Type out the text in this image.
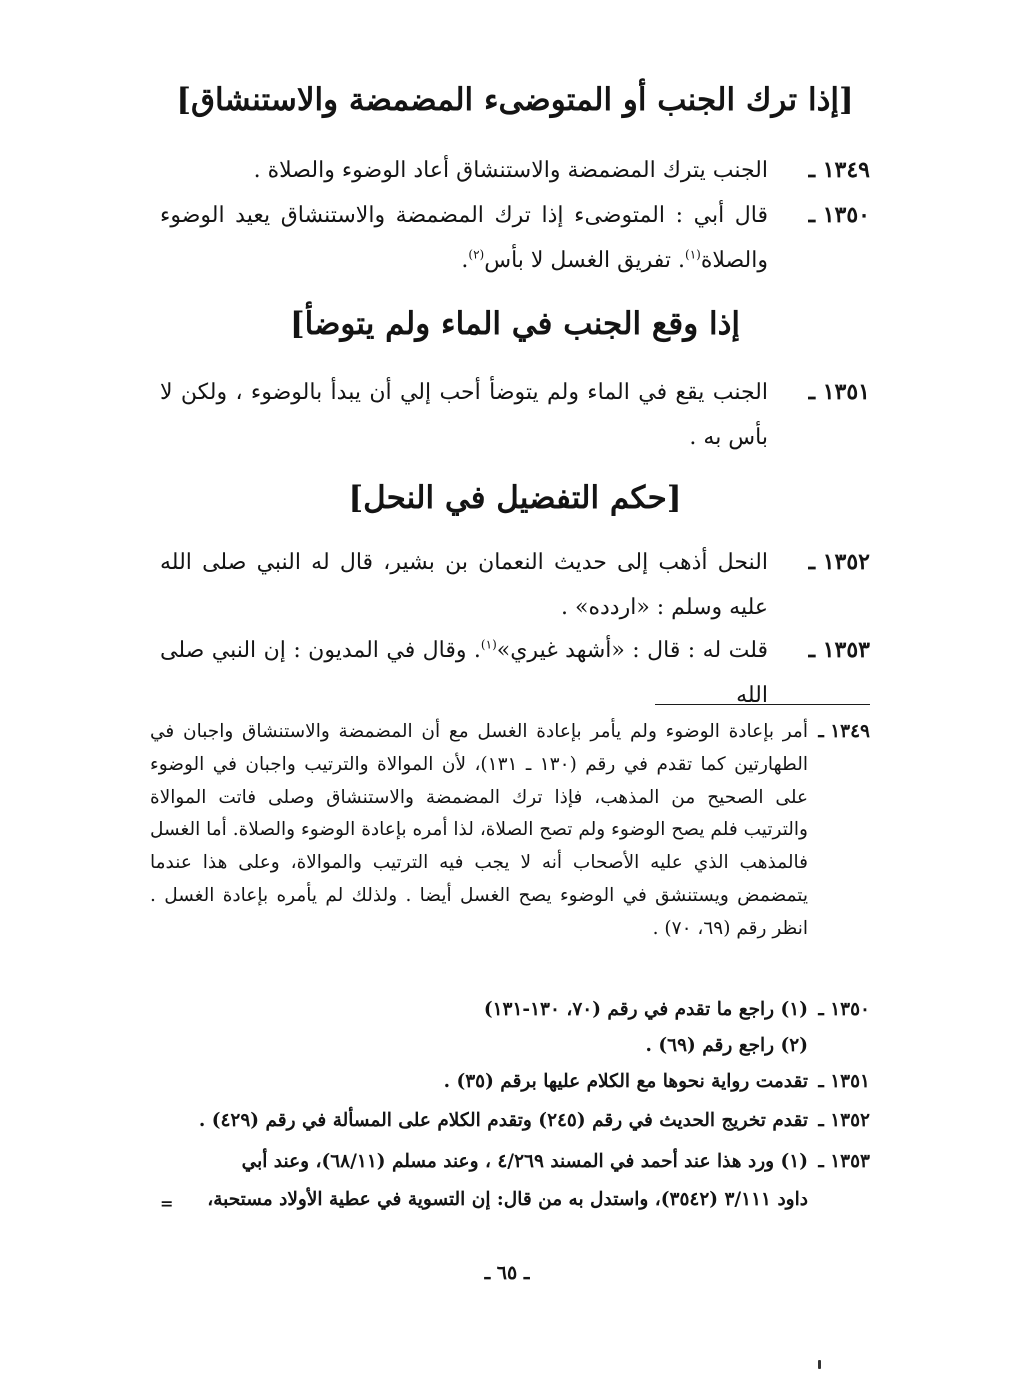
[إذا ترك الجنب أو المتوضىء المضمضة والاستنشاق]
١٣٤٩ ـ
الجنب يترك المضمضة والاستنشاق أعاد الوضوء والصلاة .
١٣٥٠ ـ
قال أبي : المتوضىء إذا ترك المضمضة والاستنشاق يعيد الوضوء والصلاة$^{(١)}$. تفريق الغسل لا بأس$^{(٢)}$.
إذا وقع الجنب في الماء ولم يتوضأ]
١٣٥١ ـ
الجنب يقع في الماء ولم يتوضأ أحب إلي أن يبدأ بالوضوء ، ولكن لا بأس به .
[حكم التفضيل في النحل]
١٣٥٢ ـ
النحل أذهب إلى حديث النعمان بن بشير، قال له النبي صلى الله عليه وسلم : «اردده» .
١٣٥٣ ـ
قلت له : قال : «أشهد غيري»$^{(١)}$. وقال في المديون : إن النبي صلى الله
١٣٤٩ ـ
أمر بإعادة الوضوء ولم يأمر بإعادة الغسل مع أن المضمضة والاستنشاق واجبان في الطهارتين كما تقدم في رقم (١٣٠ ـ ١٣١)، لأن الموالاة والترتيب واجبان في الوضوء على الصحيح من المذهب، فإذا ترك المضمضة والاستنشاق وصلى فاتت الموالاة والترتيب فلم يصح الوضوء ولم تصح الصلاة، لذا أمره بإعادة الوضوء والصلاة. أما الغسل فالمذهب الذي عليه الأصحاب أنه لا يجب فيه الترتيب والموالاة، وعلى هذا عندما يتمضمض ويستنشق في الوضوء يصح الغسل أيضا . ولذلك لم يأمره بإعادة الغسل . انظر رقم (٦٩، ٧٠) .
١٣٥٠ ـ
(١) راجع ما تقدم في رقم (٧٠، ١٣٠-١٣١)
(٢) راجع رقم (٦٩) .
١٣٥١ ـ
تقدمت رواية نحوها مع الكلام عليها برقم (٣٥) .
١٣٥٢ ـ
تقدم تخريج الحديث في رقم (٢٤٥) وتقدم الكلام على المسألة في رقم (٤٢٩) .
١٣٥٣ ـ
(١) ورد هذا عند أحمد في المسند ٤/٢٦٩ ، وعند مسلم (٦٨/١١)، وعند أبي
داود ٣/١١١ (٣٥٤٢)، واستدل به من قال: إن التسوية في عطية الأولاد مستحبة،
=
ـ ٦٥ ـ
